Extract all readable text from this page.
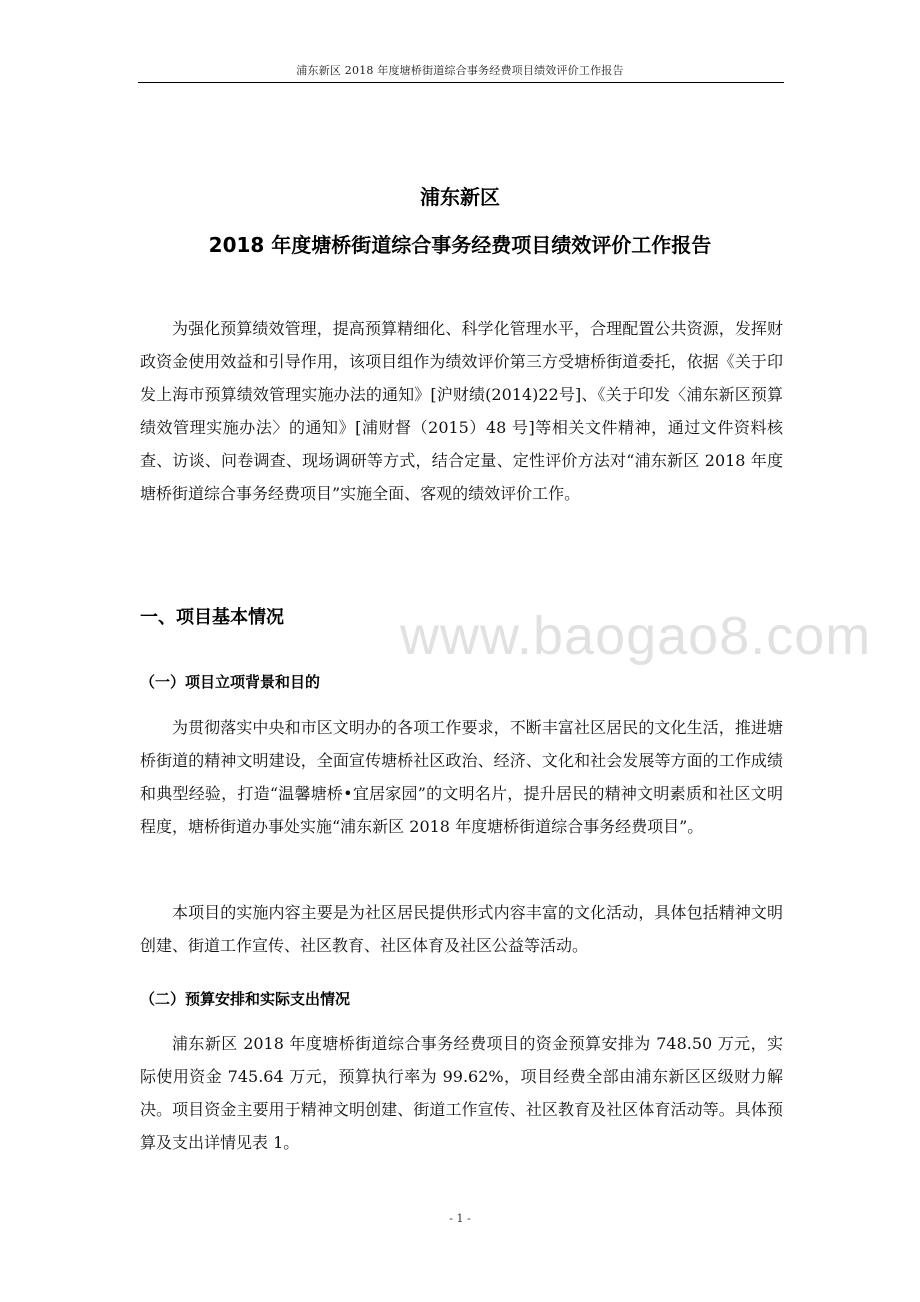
浦东新区 2018 年度塘桥街道综合事务经费项目绩效评价工作报告
浦东新区
2018 年度塘桥街道综合事务经费项目绩效评价工作报告
为强化预算绩效管理，提高预算精细化、科学化管理水平，合理配置公共资源，发挥财政资金使用效益和引导作用，该项目组作为绩效评价第三方受塘桥街道委托，依据《关于印发上海市预算绩效管理实施办法的通知》[沪财绩(2014)22号]、《关于印发〈浦东新区预算绩效管理实施办法〉的通知》[浦财督（2015）48 号]等相关文件精神，通过文件资料核查、访谈、问卷调查、现场调研等方式，结合定量、定性评价方法对“浦东新区 2018 年度塘桥街道综合事务经费项目”实施全面、客观的绩效评价工作。
www.baogao8.com
一、项目基本情况
（一）项目立项背景和目的
为贯彻落实中央和市区文明办的各项工作要求，不断丰富社区居民的文化生活，推进塘桥街道的精神文明建设，全面宣传塘桥社区政治、经济、文化和社会发展等方面的工作成绩和典型经验，打造“温馨塘桥•宜居家园”的文明名片，提升居民的精神文明素质和社区文明程度，塘桥街道办事处实施“浦东新区 2018 年度塘桥街道综合事务经费项目”。
本项目的实施内容主要是为社区居民提供形式内容丰富的文化活动，具体包括精神文明创建、街道工作宣传、社区教育、社区体育及社区公益等活动。
（二）预算安排和实际支出情况
浦东新区 2018 年度塘桥街道综合事务经费项目的资金预算安排为 748.50 万元，实际使用资金 745.64 万元，预算执行率为 99.62%，项目经费全部由浦东新区区级财力解决。项目资金主要用于精神文明创建、街道工作宣传、社区教育及社区体育活动等。具体预算及支出详情见表 1。
- 1 -
